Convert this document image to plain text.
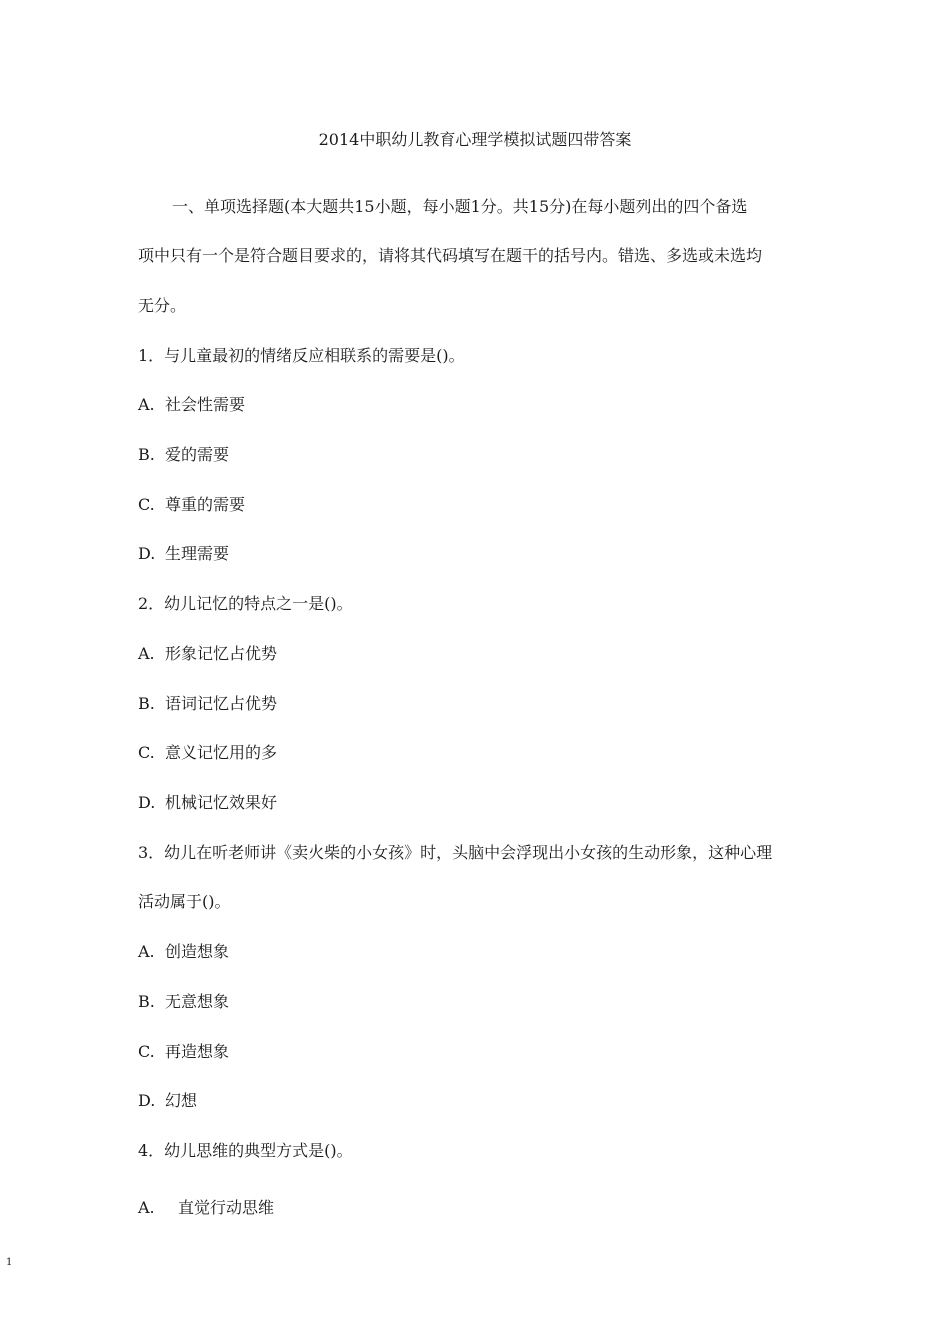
2014中职幼儿教育心理学模拟试题四带答案
一、单项选择题(本大题共15小题，每小题1分。共15分)在每小题列出的四个备选
项中只有一个是符合题目要求的，请将其代码填写在题干的括号内。错选、多选或未选均
无分。
1．与儿童最初的情绪反应相联系的需要是()。
A. 社会性需要
B. 爱的需要
C. 尊重的需要
D. 生理需要
2．幼儿记忆的特点之一是()。
A. 形象记忆占优势
B. 语词记忆占优势
C. 意义记忆用的多
D. 机械记忆效果好
3．幼儿在听老师讲《卖火柴的小女孩》时，头脑中会浮现出小女孩的生动形象，这种心理
活动属于()。
A. 创造想象
B. 无意想象
C. 再造想象
D. 幻想
4．幼儿思维的典型方式是()。
A. 直觉行动思维
1
